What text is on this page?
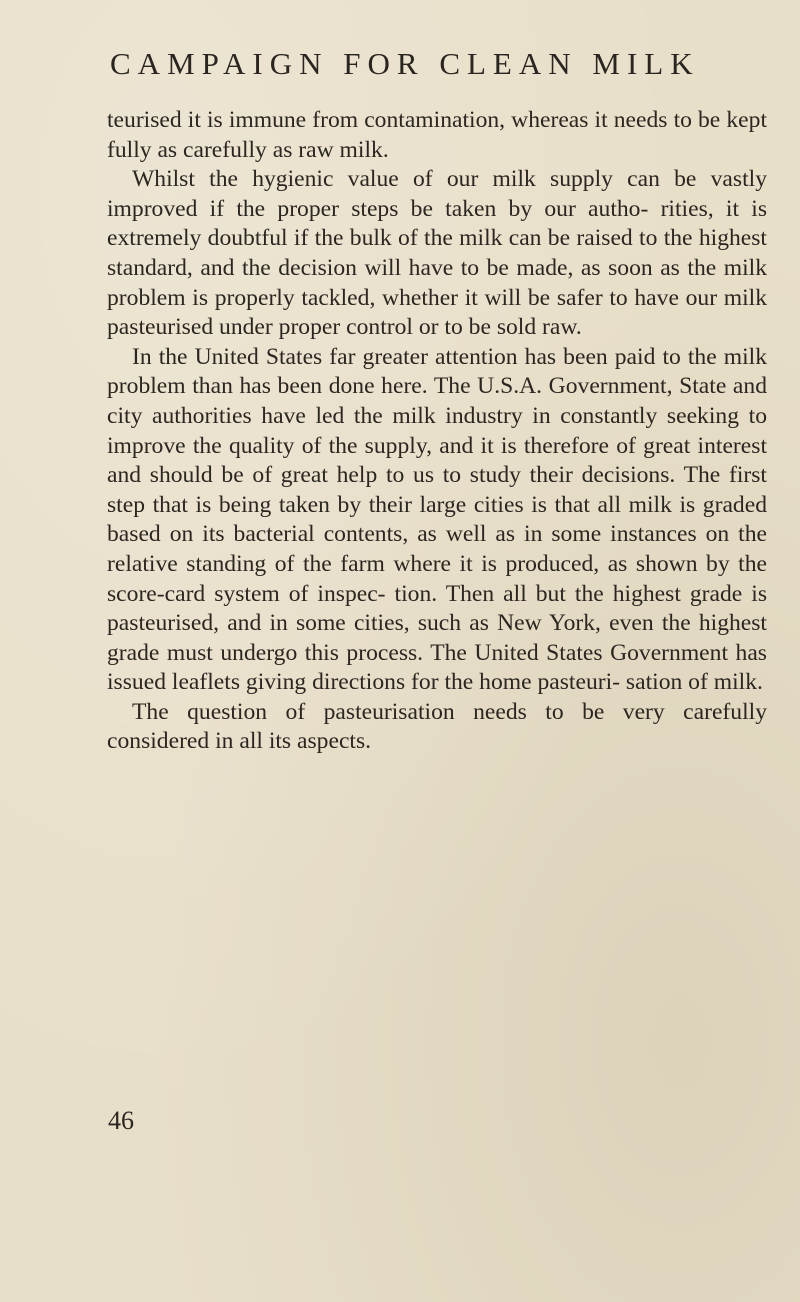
CAMPAIGN FOR CLEAN MILK

teurised it is immune from contamination, whereas it needs to be kept fully as carefully as raw milk.

Whilst the hygienic value of our milk supply can be vastly improved if the proper steps be taken by our autho- rities, it is extremely doubtful if the bulk of the milk can be raised to the highest standard, and the decision will have to be made, as soon as the milk problem is properly tackled, whether it will be safer to have our milk pasteurised under proper control or to be sold raw.

In the United States far greater attention has been paid to the milk problem than has been done here. The U.S.A. Government, State and city authorities have led the milk industry in constantly seeking to improve the quality of the supply, and it is therefore of great interest and should be of great help to us to study their decisions. The first step that is being taken by their large cities is that all milk is graded based on its bacterial contents, as well as in some instances on the relative standing of the farm where it is produced, as shown by the score-card system of inspec- tion. Then all but the highest grade is pasteurised, and in some cities, such as New York, even the highest grade must undergo this process. The United States Government has issued leaflets giving directions for the home pasteuri- sation of milk.

The question of pasteurisation needs to be very carefully considered in all its aspects.

46
